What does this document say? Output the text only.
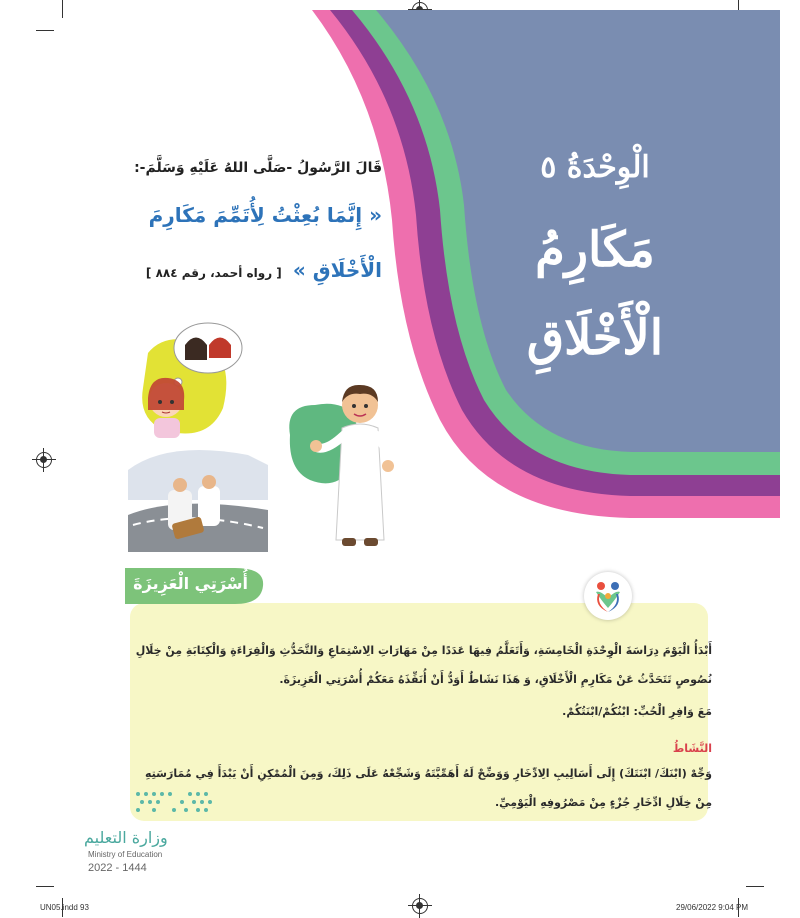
الْوِحْدَةُ ٥
مَكَارِمُ
الْأَخْلَاقِ
قَالَ الرَّسُولُ -صَلَّى اللهُ عَلَيْهِ وَسَلَّمَ-:
« إِنَّمَا بُعِثْتُ لِأُتَمِّمَ مَكَارِمَ
الْأَخْلَاقِ » [ رواه أحمد، رقم ٨٨٤ ]
أُسْرَتِي الْعَزِيزَةَ
أَبْدَأُ الْيَوْمَ دِرَاسَةَ الْوِحْدَةِ الْخَامِسَةِ، وَأَتَعَلَّمُ فِيهَا عَدَدًا مِنْ مَهَارَاتِ الِاسْتِمَاعِ وَالتَّحَدُّثِ وَالْقِرَاءَةِ وَالْكِتَابَةِ مِنْ خِلَالِ
نُصُوصٍ تَتَحَدَّثُ عَنْ مَكَارِمِ الْأَخْلَاقِ، وَ هَذَا نَشَاطٌ أَوَدُّ أَنْ أُنَفِّذَهُ مَعَكُمْ أُسْرَتِي الْعَزِيزَةَ.
مَعَ وَافِرِ الْحُبِّ: ابْنُكُمْ/ابْنَتُكُمْ.
النَّشَاطُ
وَجِّهْ (ابْنَكَ/ ابْنَتَكَ) إِلَى أَسَالِيبِ الِادِّخَارِ وَوَضِّحْ لَهُ أَهَمِّيَّتَهُ وَشَجِّعْهُ عَلَى ذَلِكَ، وَمِنَ الْمُمْكِنِ أَنْ يَبْدَأَ فِي مُمَارَسَتِهِ
مِنْ خِلَالِ ادِّخَارِ جُزْءٍ مِنْ مَصْرُوفِهِ الْيَوْمِيِّ.
وزارة التعليم
Ministry of Education
2022 - 1444
UN05.indd 93	29/06/2022 9:04 PM
